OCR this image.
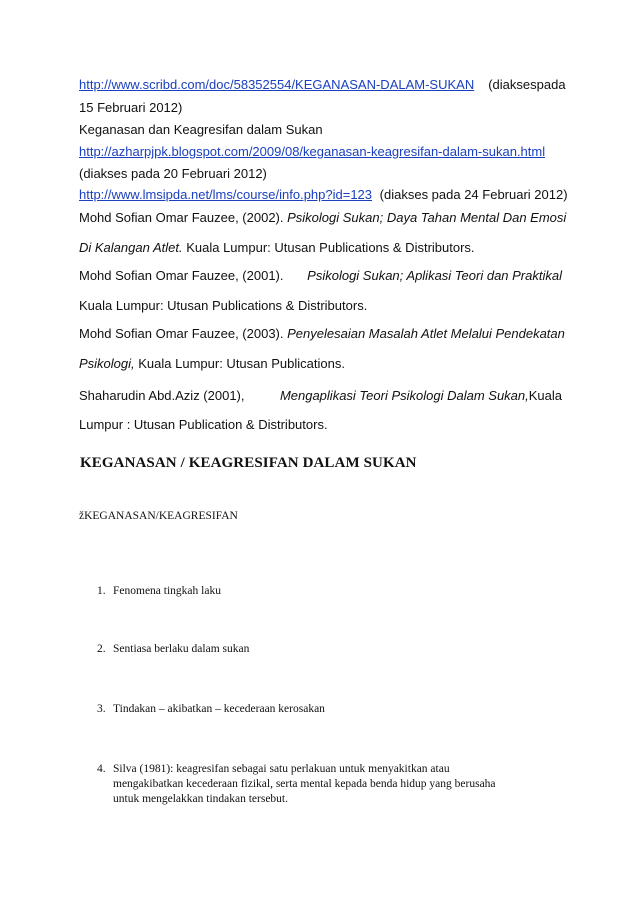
http://www.scribd.com/doc/58352554/KEGANASAN-DALAM-SUKAN (diakses pada
15 Februari 2012)
Keganasan dan Keagresifan dalam Sukan
http://azharpjpk.blogspot.com/2009/08/keganasan-keagresifan-dalam-sukan.html
(diakses pada 20 Februari 2012)
http://www.lmsipda.net/lms/course/info.php?id=123 (diakses pada 24 Februari 2012)
Mohd Sofian Omar Fauzee, (2002). Psikologi Sukan; Daya Tahan Mental Dan Emosi
Di Kalangan Atlet. Kuala Lumpur: Utusan Publications & Distributors.
Mohd Sofian Omar Fauzee, (2001). Psikologi Sukan; Aplikasi Teori dan Praktikal
Kuala Lumpur: Utusan Publications & Distributors.
Mohd Sofian Omar Fauzee, (2003). Penyelesaian Masalah Atlet Melalui Pendekatan
Psikologi, Kuala Lumpur: Utusan Publications.
Shaharudin Abd.Aziz (2001),	Mengaplikasi Teori Psikologi Dalam Sukan,Kuala
Lumpur : Utusan Publication & Distributors.
KEGANASAN / KEAGRESIFAN DALAM SUKAN
žKEGANASAN/KEAGRESIFAN
1. Fenomena tingkah laku
2. Sentiasa berlaku dalam sukan
3. Tindakan – akibatkan – kecederaan kerosakan
4. Silva (1981): keagresifan sebagai satu perlakuan untuk menyakitkan atau
mengakibatkan kecederaan fizikal, serta mental kepada benda hidup yang berusaha
untuk mengelakkan tindakan tersebut.
